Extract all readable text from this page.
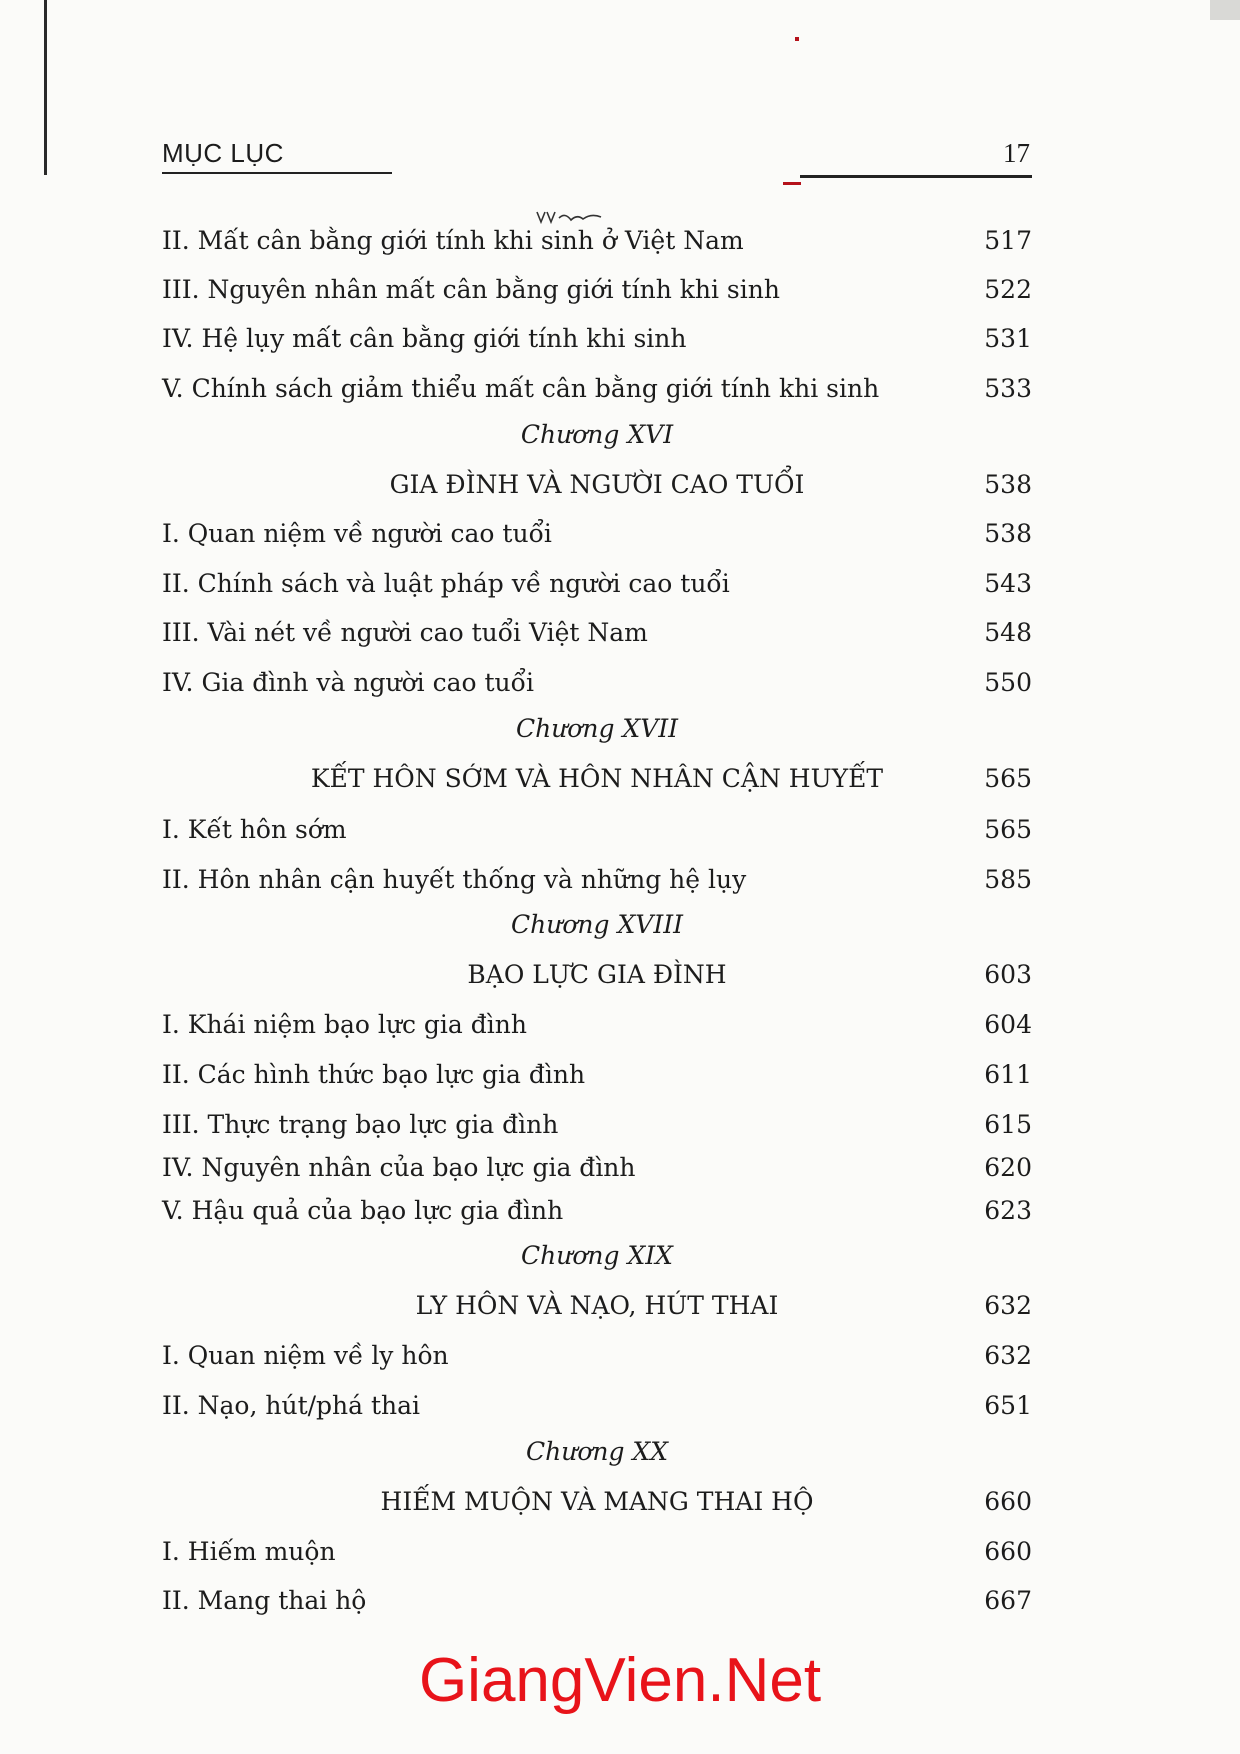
MỤC LỤC	17
II. Mất cân bằng giới tính khi sinh ở Việt Nam	517
III. Nguyên nhân mất cân bằng giới tính khi sinh	522
IV. Hệ lụy mất cân bằng giới tính khi sinh	531
V. Chính sách giảm thiểu mất cân bằng giới tính khi sinh	533
Chương XVI
GIA ĐÌNH VÀ NGƯỜI CAO TUỔI	538
I. Quan niệm về người cao tuổi	538
II. Chính sách và luật pháp về người cao tuổi	543
III. Vài nét về người cao tuổi Việt Nam	548
IV. Gia đình và người cao tuổi	550
Chương XVII
KẾT HÔN SỚM VÀ HÔN NHÂN CẬN HUYẾT	565
I. Kết hôn sớm	565
II. Hôn nhân cận huyết thống và những hệ lụy	585
Chương XVIII
BẠO LỰC GIA ĐÌNH	603
I. Khái niệm bạo lực gia đình	604
II. Các hình thức bạo lực gia đình	611
III. Thực trạng bạo lực gia đình	615
IV. Nguyên nhân của bạo lực gia đình	620
V. Hậu quả của bạo lực gia đình	623
Chương XIX
LY HÔN VÀ NẠO, HÚT THAI	632
I. Quan niệm về ly hôn	632
II. Nạo, hút/phá thai	651
Chương XX
HIẾM MUỘN VÀ MANG THAI HỘ	660
I. Hiếm muộn	660
II. Mang thai hộ	667
GiangVien.Net
